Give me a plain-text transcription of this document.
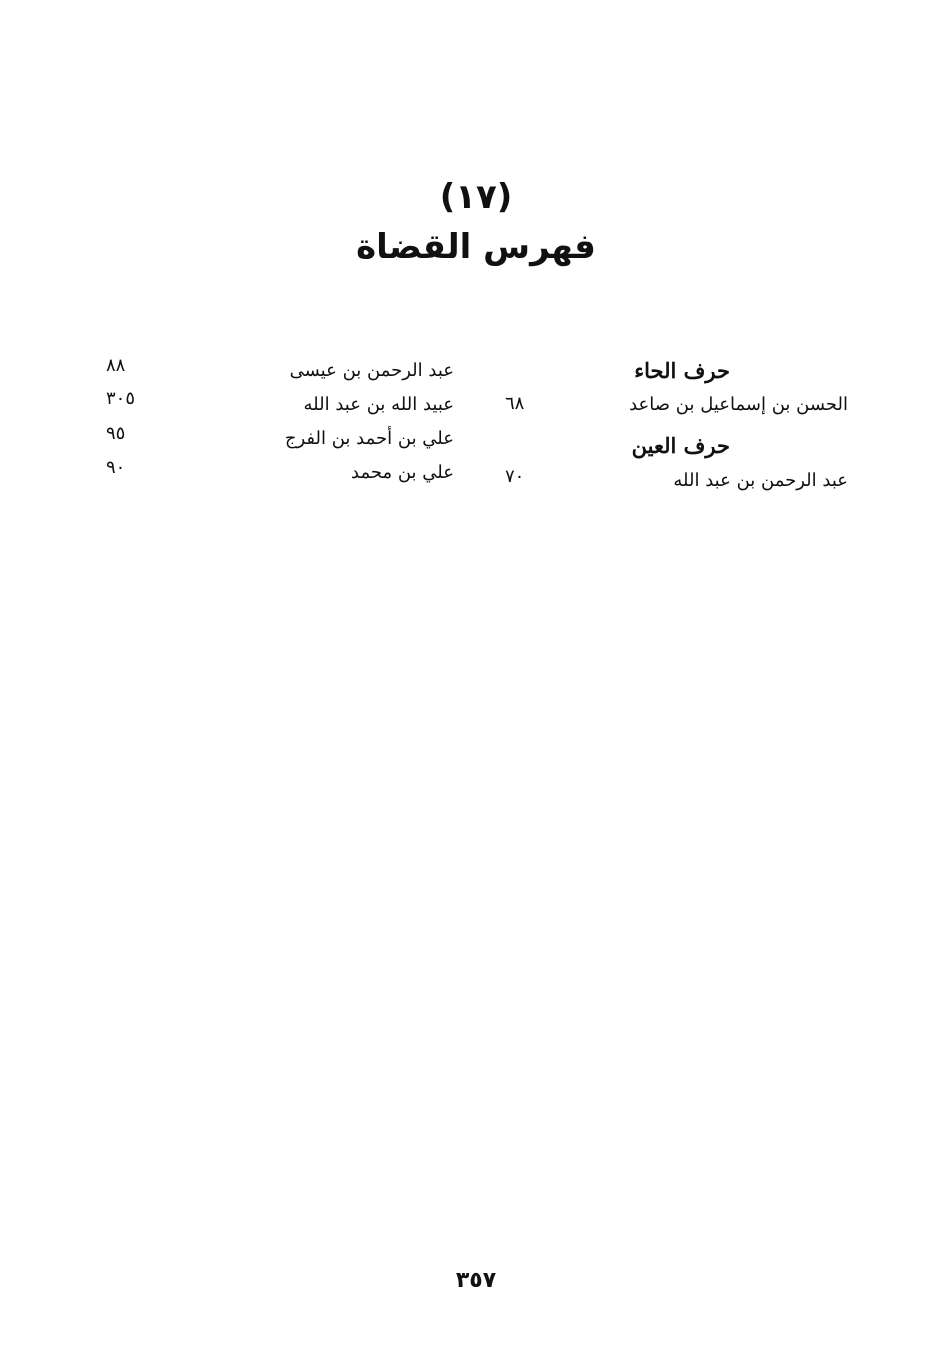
(١٧)
فهرس القضاة
حرف الحاء
الحسن بن إسماعيل بن صاعد
٦٨
حرف العين
عبد الرحمن بن عبد الله
٧٠
عبد الرحمن بن عيسى
٨٨
عبيد الله بن عبد الله
٣٠٥
علي بن أحمد بن الفرج
٩٥
علي بن محمد
٩٠
٣٥٧
